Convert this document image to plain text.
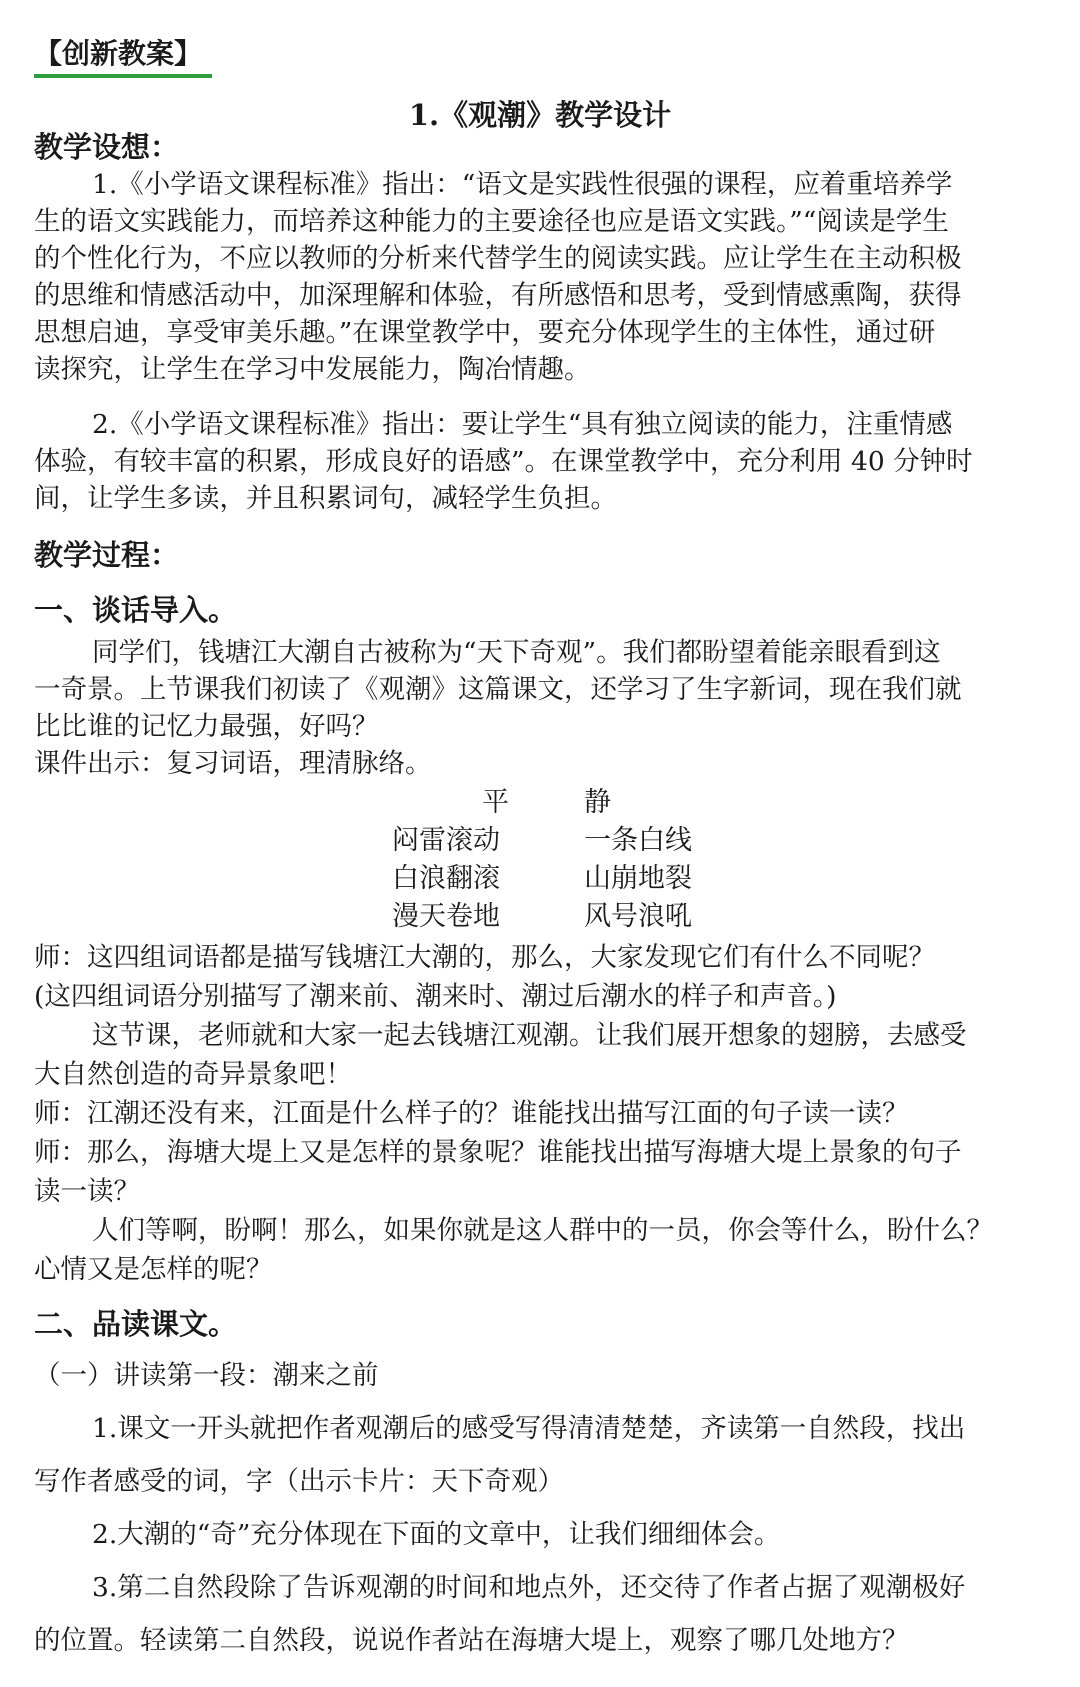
【创新教案】
1.《观潮》教学设计
教学设想：
1.《小学语文课程标准》指出：“语文是实践性很强的课程，应着重培养学
生的语文实践能力，而培养这种能力的主要途径也应是语文实践。”“阅读是学生
的个性化行为，不应以教师的分析来代替学生的阅读实践。应让学生在主动积极
的思维和情感活动中，加深理解和体验，有所感悟和思考，受到情感熏陶，获得
思想启迪，享受审美乐趣。”在课堂教学中，要充分体现学生的主体性，通过研
读探究，让学生在学习中发展能力，陶冶情趣。
2.《小学语文课程标准》指出：要让学生“具有独立阅读的能力，注重情感
体验，有较丰富的积累，形成良好的语感”。在课堂教学中，充分利用 40 分钟时
间，让学生多读，并且积累词句，减轻学生负担。
教学过程：
一、谈话导入。
同学们，钱塘江大潮自古被称为“天下奇观”。我们都盼望着能亲眼看到这
一奇景。上节课我们初读了《观潮》这篇课文，还学习了生字新词，现在我们就
比比谁的记忆力最强，好吗？
课件出示：复习词语，理清脉络。
平	静
闷雷滚动	一条白线
白浪翻滚	山崩地裂
漫天卷地	风号浪吼
师：这四组词语都是描写钱塘江大潮的，那么，大家发现它们有什么不同呢？
(这四组词语分别描写了潮来前、潮来时、潮过后潮水的样子和声音。)
这节课，老师就和大家一起去钱塘江观潮。让我们展开想象的翅膀，去感受
大自然创造的奇异景象吧！
师：江潮还没有来，江面是什么样子的？谁能找出描写江面的句子读一读？
师：那么，海塘大堤上又是怎样的景象呢？谁能找出描写海塘大堤上景象的句子
读一读？
人们等啊，盼啊！那么，如果你就是这人群中的一员，你会等什么，盼什么？
心情又是怎样的呢？
二、品读课文。
（一）讲读第一段：潮来之前
1.课文一开头就把作者观潮后的感受写得清清楚楚，齐读第一自然段，找出
写作者感受的词，字（出示卡片：天下奇观）
2.大潮的“奇”充分体现在下面的文章中，让我们细细体会。
3.第二自然段除了告诉观潮的时间和地点外，还交待了作者占据了观潮极好
的位置。轻读第二自然段，说说作者站在海塘大堤上，观察了哪几处地方？
